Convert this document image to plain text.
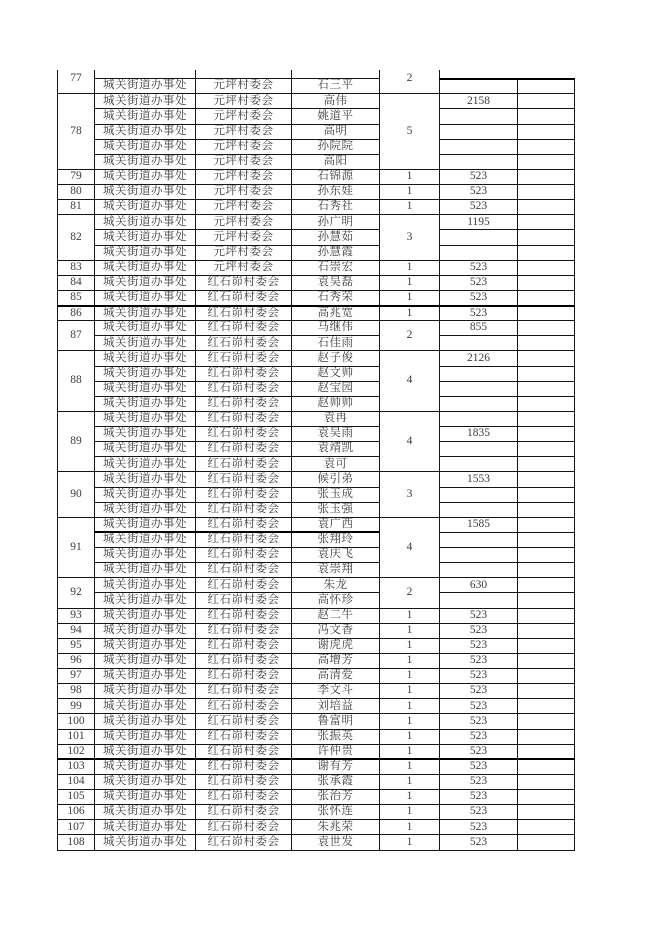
77				2		
	城关街道办事处	元坪村委会	石三平			
78	城关街道办事处	元坪村委会	高伟	5	2158	
	城关街道办事处	元坪村委会	姚道平			
	城关街道办事处	元坪村委会	高明			
	城关街道办事处	元坪村委会	孙院院			
	城关街道办事处	元坪村委会	高阳			
79	城关街道办事处	元坪村委会	石锦源	1	523	
80	城关街道办事处	元坪村委会	孙东娃	1	523	
81	城关街道办事处	元坪村委会	石秀社	1	523	
82	城关街道办事处	元坪村委会	孙广明	3	1195	
	城关街道办事处	元坪村委会	孙慧茹			
	城关街道办事处	元坪村委会	孙慧霞			
83	城关街道办事处	元坪村委会	石崇宏	1	523	
84	城关街道办事处	红石峁村委会	袁吴磊	1	523	
85	城关街道办事处	红石峁村委会	石秀荣	1	523	
86	城关街道办事处	红石峁村委会	高兆宽	1	523	
87	城关街道办事处	红石峁村委会	马继伟	2	855	
	城关街道办事处	红石峁村委会	石佳雨			
88	城关街道办事处	红石峁村委会	赵子俊	4	2126	
	城关街道办事处	红石峁村委会	赵文帅			
	城关街道办事处	红石峁村委会	赵宝园			
	城关街道办事处	红石峁村委会	赵帅帅			
89	城关街道办事处	红石峁村委会	袁冉	4		
	城关街道办事处	红石峁村委会	袁吴雨		1835	
	城关街道办事处	红石峁村委会	袁靖凯			
	城关街道办事处	红石峁村委会	袁可			
90	城关街道办事处	红石峁村委会	候引弟	3	1553	
	城关街道办事处	红石峁村委会	张玉成			
	城关街道办事处	红石峁村委会	张玉强			
91	城关街道办事处	红石峁村委会	袁广西	4	1585	
	城关街道办事处	红石峁村委会	张翔玲			
	城关街道办事处	红石峁村委会	袁庆飞			
	城关街道办事处	红石峁村委会	袁崇翔			
92	城关街道办事处	红石峁村委会	朱龙	2	630	
	城关街道办事处	红石峁村委会	高怀珍			
93	城关街道办事处	红石峁村委会	赵二牛	1	523	
94	城关街道办事处	红石峁村委会	冯文香	1	523	
95	城关街道办事处	红石峁村委会	谢虎虎	1	523	
96	城关街道办事处	红石峁村委会	高增芳	1	523	
97	城关街道办事处	红石峁村委会	高清爱	1	523	
98	城关街道办事处	红石峁村委会	李文斗	1	523	
99	城关街道办事处	红石峁村委会	刘培益	1	523	
100	城关街道办事处	红石峁村委会	鲁富明	1	523	
101	城关街道办事处	红石峁村委会	张振英	1	523	
102	城关街道办事处	红石峁村委会	许仲贵	1	523	
103	城关街道办事处	红石峁村委会	谢有芳	1	523	
104	城关街道办事处	红石峁村委会	张承霞	1	523	
105	城关街道办事处	红石峁村委会	张治芳	1	523	
106	城关街道办事处	红石峁村委会	张怀连	1	523	
107	城关街道办事处	红石峁村委会	朱兆荣	1	523	
108	城关街道办事处	红石峁村委会	袁世发	1	523	
